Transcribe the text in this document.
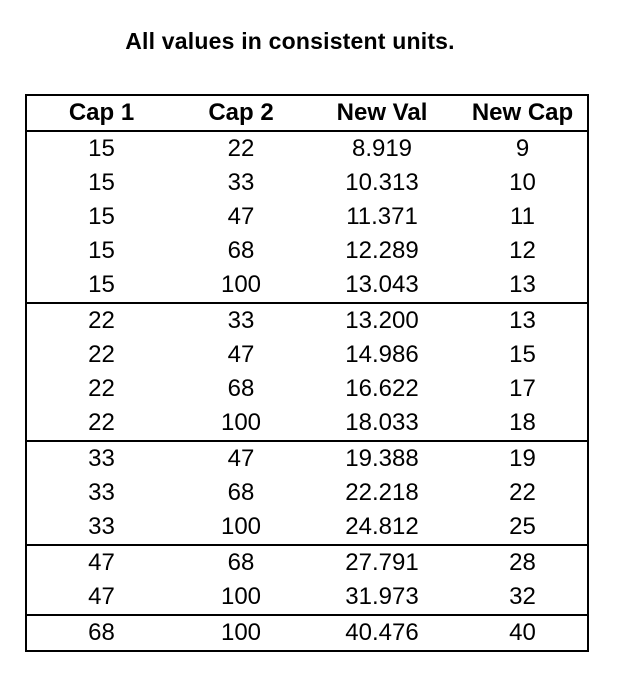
All values in consistent units.
Cap 1	Cap 2	New Val	New Cap
15	22	8.919	9
15	33	10.313	10
15	47	11.371	11
15	68	12.289	12
15	100	13.043	13
22	33	13.200	13
22	47	14.986	15
22	68	16.622	17
22	100	18.033	18
33	47	19.388	19
33	68	22.218	22
33	100	24.812	25
47	68	27.791	28
47	100	31.973	32
68	100	40.476	40
